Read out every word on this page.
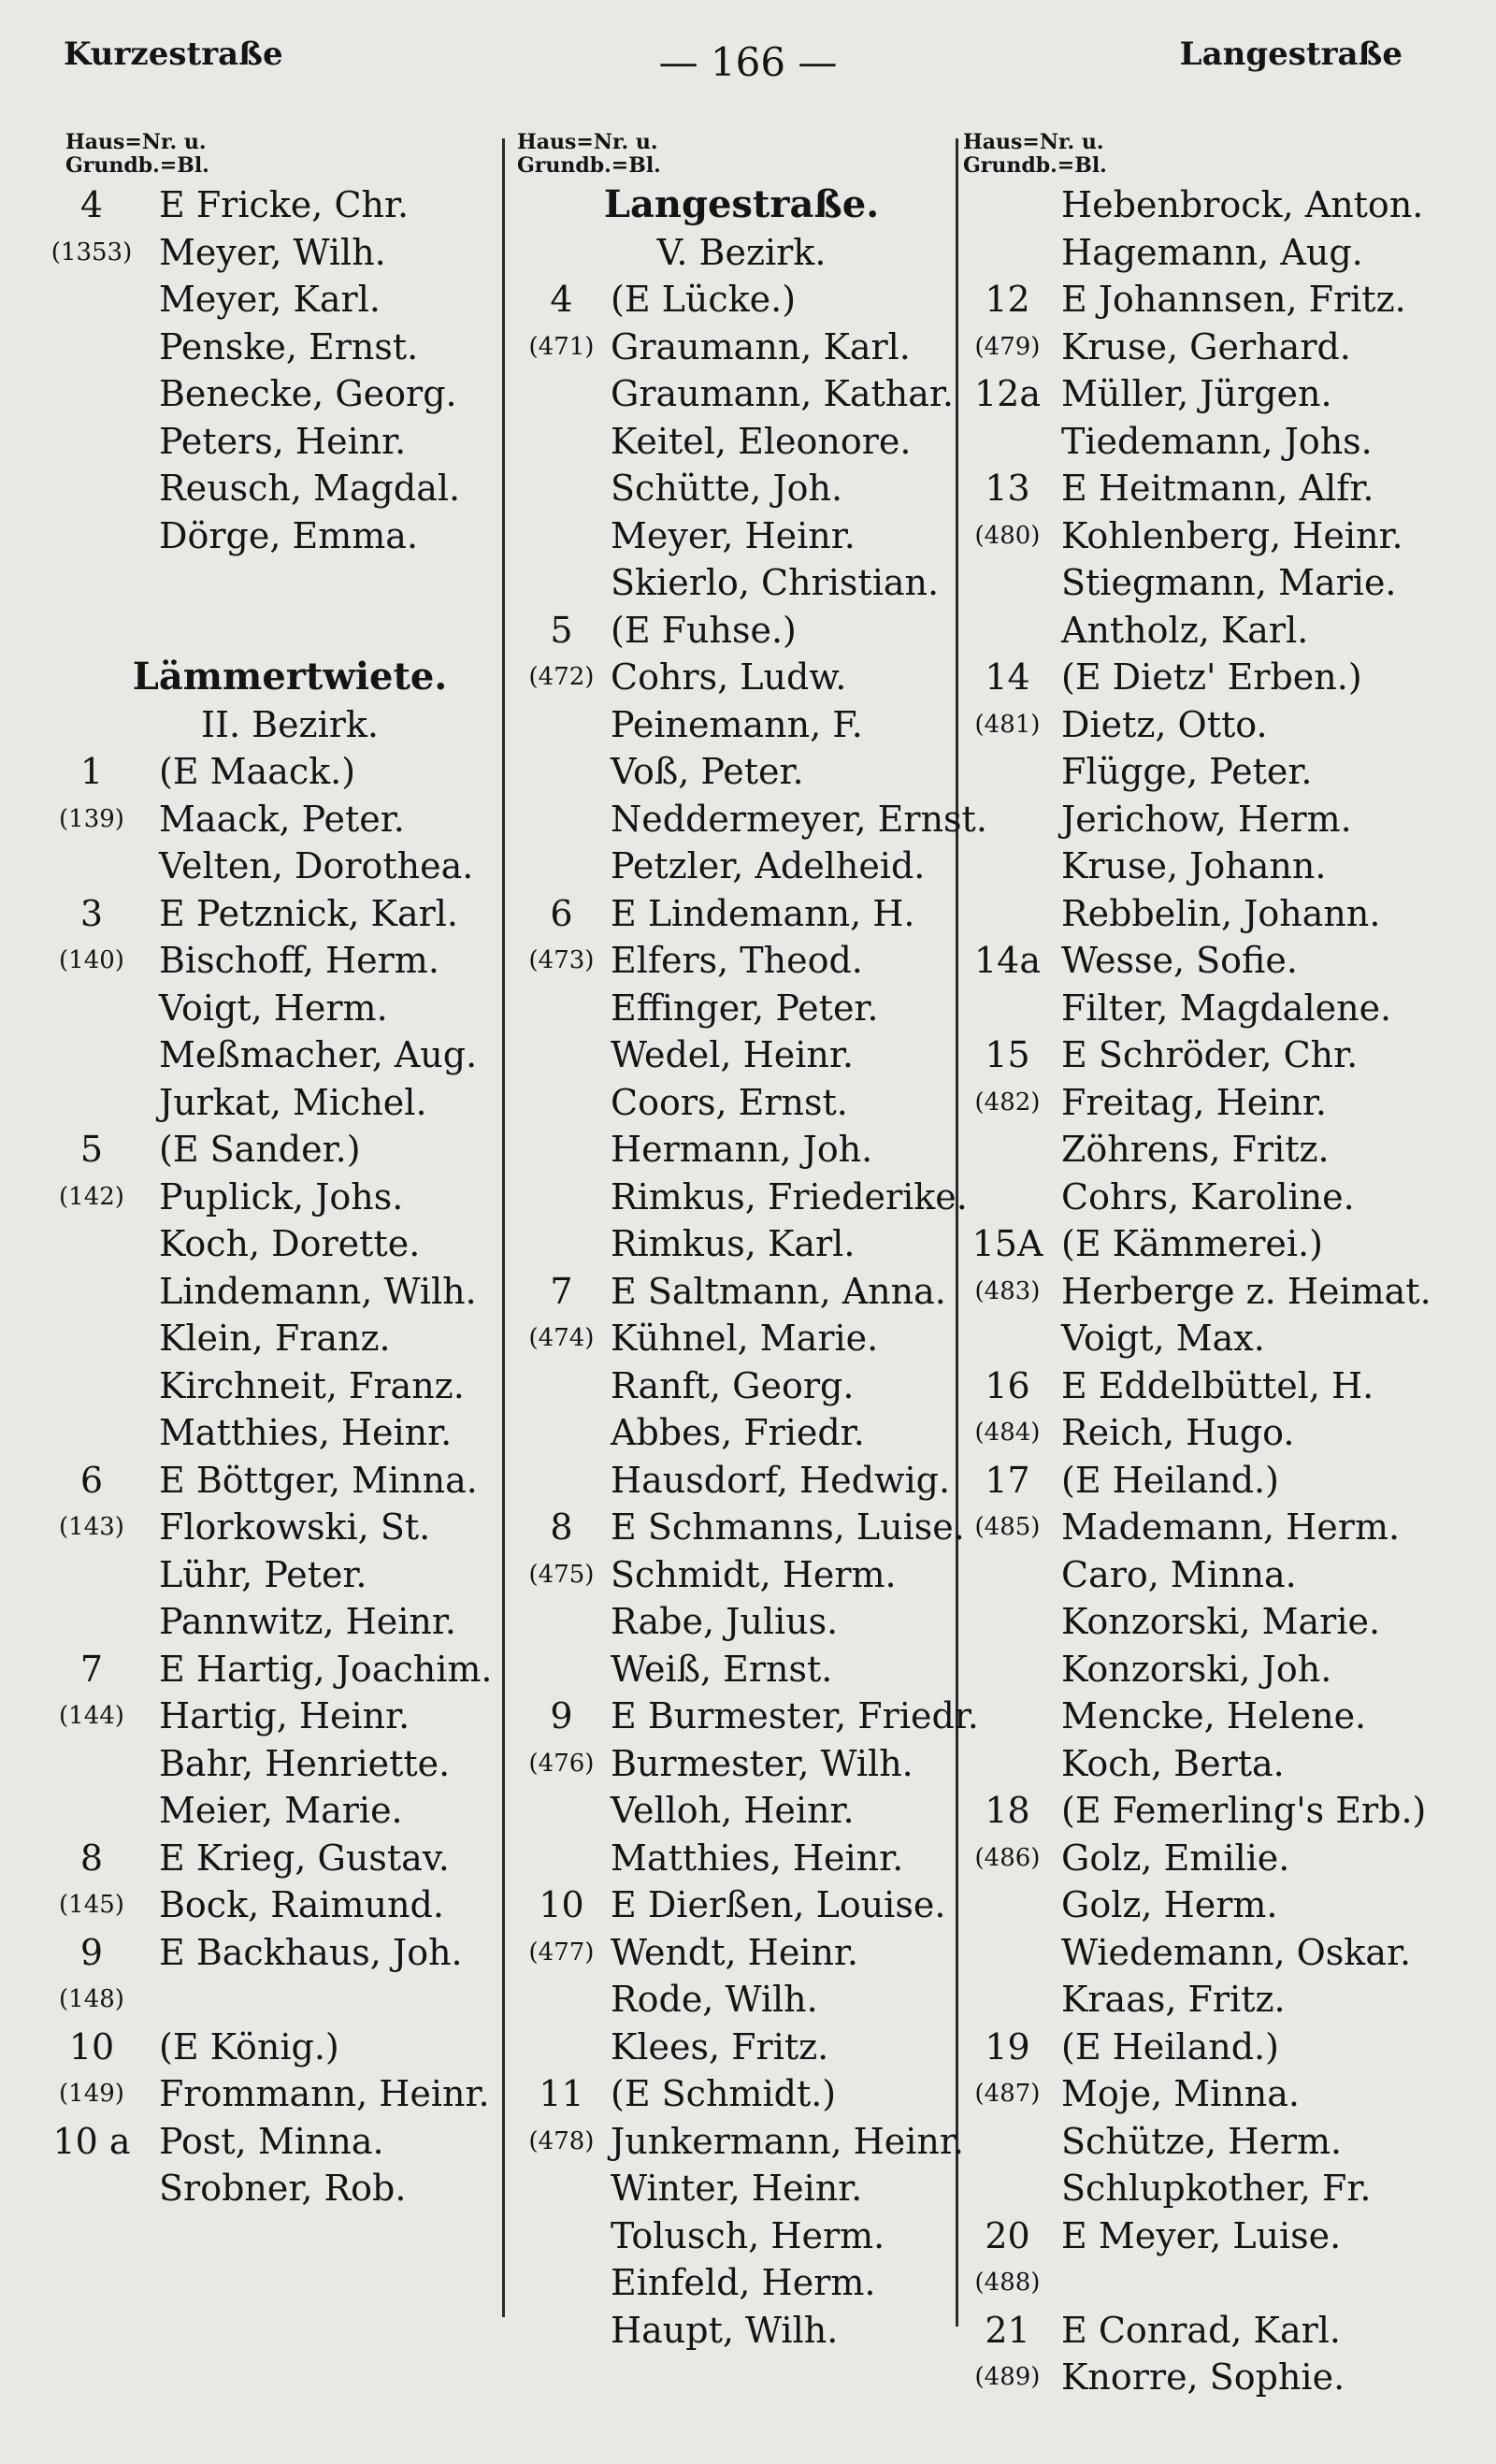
Kurzestraße	— 166 —	Langestraße
Haus=Nr. u.
Grundb.=Bl.
4	E Fricke, Chr.
(1353) Meyer, Wilh.
Meyer, Karl.
Penske, Ernst.
Benecke, Georg.
Peters, Heinr.
Reusch, Magdal.
Dörge, Emma.
Lämmertwiete.
II. Bezirk.
1	(E Maack.)
(139) Maack, Peter.
Velten, Dorothea.
3	E Petznick, Karl.
(140) Bischoff, Herm.
Voigt, Herm.
Meßmacher, Aug.
Jurkat, Michel.
5	(E Sander.)
(142) Puplick, Johs.
Koch, Dorette.
Lindemann, Wilh.
Klein, Franz.
Kirchneit, Franz.
Matthies, Heinr.
6	E Böttger, Minna.
(143) Florkowski, St.
Lühr, Peter.
Pannwitz, Heinr.
7	E Hartig, Joachim.
(144) Hartig, Heinr.
Bahr, Henriette.
Meier, Marie.
8	E Krieg, Gustav.
(145) Bock, Raimund.
9	E Backhaus, Joh.
(148)
10	(E König.)
(149) Frommann, Heinr.
10 a Post, Minna.
Srobner, Rob.
Haus=Nr. u.
Grundb.=Bl.
Langestraße.
V. Bezirk.
4	(E Lücke.)
(471) Graumann, Karl.
Graumann, Kathar.
Keitel, Eleonore.
Schütte, Joh.
Meyer, Heinr.
Skierlo, Christian.
5	(E Fuhse.)
(472) Cohrs, Ludw.
Peinemann, F.
Voß, Peter.
Neddermeyer, Ernst.
Petzler, Adelheid.
6	E Lindemann, H.
(473) Elfers, Theod.
Effinger, Peter.
Wedel, Heinr.
Coors, Ernst.
Hermann, Joh.
Rimkus, Friederike.
Rimkus, Karl.
7	E Saltmann, Anna.
(474) Kühnel, Marie.
Ranft, Georg.
Abbes, Friedr.
Hausdorf, Hedwig.
8	E Schmanns, Luise.
(475) Schmidt, Herm.
Rabe, Julius.
Weiß, Ernst.
9	E Burmester, Friedr.
(476) Burmester, Wilh.
Velloh, Heinr.
Matthies, Heinr.
10 E Dierßen, Louise.
(477) Wendt, Heinr.
Rode, Wilh.
Klees, Fritz.
11 (E Schmidt.)
(478) Junkermann, Heinr.
Winter, Heinr.
Tolusch, Herm.
Einfeld, Herm.
Haupt, Wilh.
Haus=Nr. u.
Grundb.=Bl.
Hebenbrock, Anton.
Hagemann, Aug.
12 E Johannsen, Fritz.
(479) Kruse, Gerhard.
12a Müller, Jürgen.
Tiedemann, Johs.
13 E Heitmann, Alfr.
(480) Kohlenberg, Heinr.
Stiegmann, Marie.
Antholz, Karl.
14 (E Dietz' Erben.)
(481) Dietz, Otto.
Flügge, Peter.
Jerichow, Herm.
Kruse, Johann.
Rebbelin, Johann.
14a Wesse, Sofie.
Filter, Magdalene.
15 E Schröder, Chr.
(482) Freitag, Heinr.
Zöhrens, Fritz.
Cohrs, Karoline.
15A (E Kämmerei.)
(483) Herberge z. Heimat.
Voigt, Max.
16 E Eddelbüttel, H.
(484) Reich, Hugo.
17 (E Heiland.)
(485) Mademann, Herm.
Caro, Minna.
Konzorski, Marie.
Konzorski, Joh.
Mencke, Helene.
Koch, Berta.
18 (E Femerling's Erb.)
(486) Golz, Emilie.
Golz, Herm.
Wiedemann, Oskar.
Kraas, Fritz.
19 (E Heiland.)
(487) Moje, Minna.
Schütze, Herm.
Schlupkother, Fr.
20 E Meyer, Luise.
(488)
21 E Conrad, Karl.
(489) Knorre, Sophie.
